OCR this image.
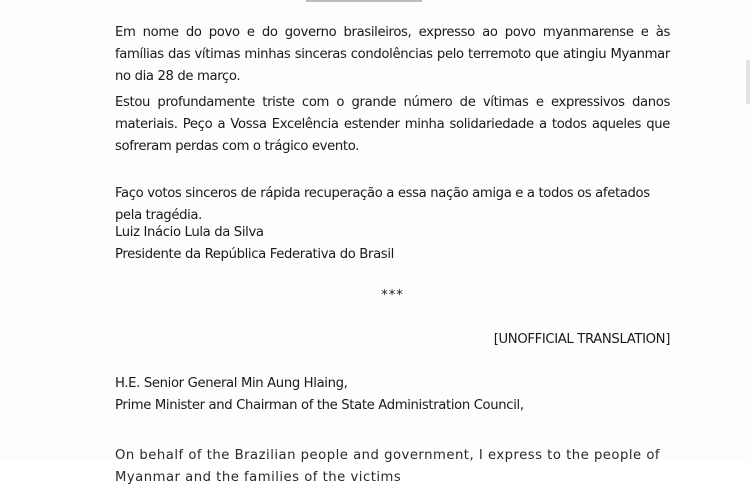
Em nome do povo e do governo brasileiros, expresso ao povo myanmarense e às famílias das vítimas minhas sinceras condolências pelo terremoto que atingiu Myanmar no dia 28 de março.

Estou profundamente triste com o grande número de vítimas e expressivos danos materiais. Peço a Vossa Excelência estender minha solidariedade a todos aqueles que sofreram perdas com o trágico evento.

Faço votos sinceros de rápida recuperação a essa nação amiga e a todos os afetados pela tragédia.

Luiz Inácio Lula da Silva

Presidente da República Federativa do Brasil

***
[UNOFFICIAL TRANSLATION]

H.E. Senior General Min Aung Hlaing,

Prime Minister and Chairman of the State Administration Council,

On behalf of the Brazilian people and government, I express to the people of Myanmar and the families of the victims
